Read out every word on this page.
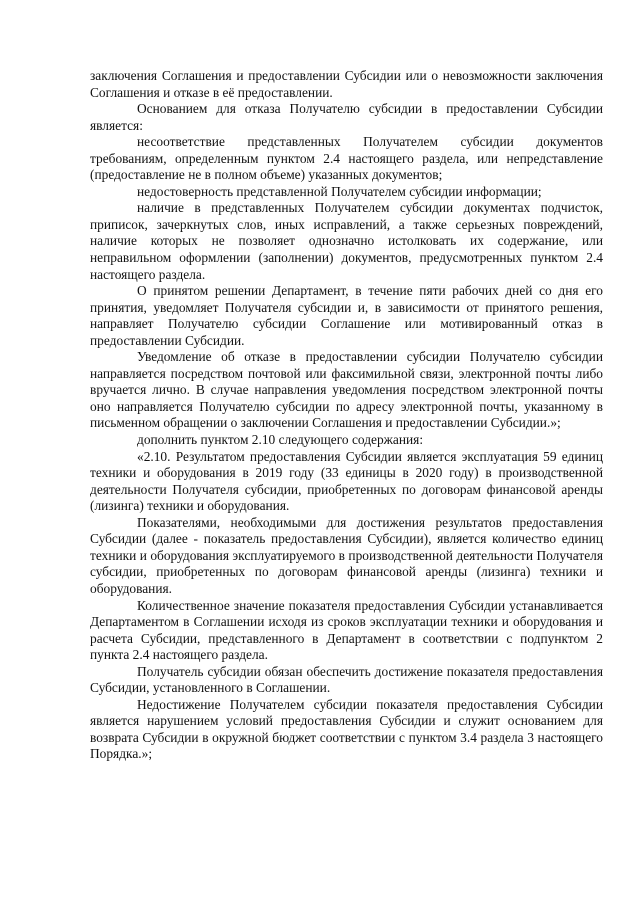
заключения Соглашения и предоставлении Субсидии или о невозможности заключения Соглашения и отказе в её предоставлении.

Основанием для отказа Получателю субсидии в предоставлении Субсидии является:

несоответствие представленных Получателем субсидии документов требованиям, определенным пунктом 2.4 настоящего раздела, или непредставление (предоставление не в полном объеме) указанных документов;

недостоверность представленной Получателем субсидии информации;

наличие в представленных Получателем субсидии документах подчисток, приписок, зачеркнутых слов, иных исправлений, а также серьезных повреждений, наличие которых не позволяет однозначно истолковать их содержание, или неправильном оформлении (заполнении) документов, предусмотренных пунктом 2.4 настоящего раздела.

О принятом решении Департамент, в течение пяти рабочих дней со дня его принятия, уведомляет Получателя субсидии и, в зависимости от принятого решения, направляет Получателю субсидии Соглашение или мотивированный отказ в предоставлении Субсидии.

Уведомление об отказе в предоставлении субсидии Получателю субсидии направляется посредством почтовой или факсимильной связи, электронной почты либо вручается лично. В случае направления уведомления посредством электронной почты оно направляется Получателю субсидии по адресу электронной почты, указанному в письменном обращении о заключении Соглашения и предоставлении Субсидии.»;

дополнить пунктом 2.10 следующего содержания:

«2.10. Результатом предоставления Субсидии является эксплуатация 59 единиц техники и оборудования в 2019 году (33 единицы в 2020 году) в производственной деятельности Получателя субсидии, приобретенных по договорам финансовой аренды (лизинга) техники и оборудования.

Показателями, необходимыми для достижения результатов предоставления Субсидии (далее - показатель предоставления Субсидии), является количество единиц техники и оборудования эксплуатируемого в производственной деятельности Получателя субсидии, приобретенных по договорам финансовой аренды (лизинга) техники и оборудования.

Количественное значение показателя предоставления Субсидии устанавливается Департаментом в Соглашении исходя из сроков эксплуатации техники и оборудования и расчета Субсидии, представленного в Департамент в соответствии с подпунктом 2 пункта 2.4 настоящего раздела.

Получатель субсидии обязан обеспечить достижение показателя предоставления Субсидии, установленного в Соглашении.

Недостижение Получателем субсидии показателя предоставления Субсидии является нарушением условий предоставления Субсидии и служит основанием для возврата Субсидии в окружной бюджет соответствии с пунктом 3.4 раздела 3 настоящего Порядка.»;
